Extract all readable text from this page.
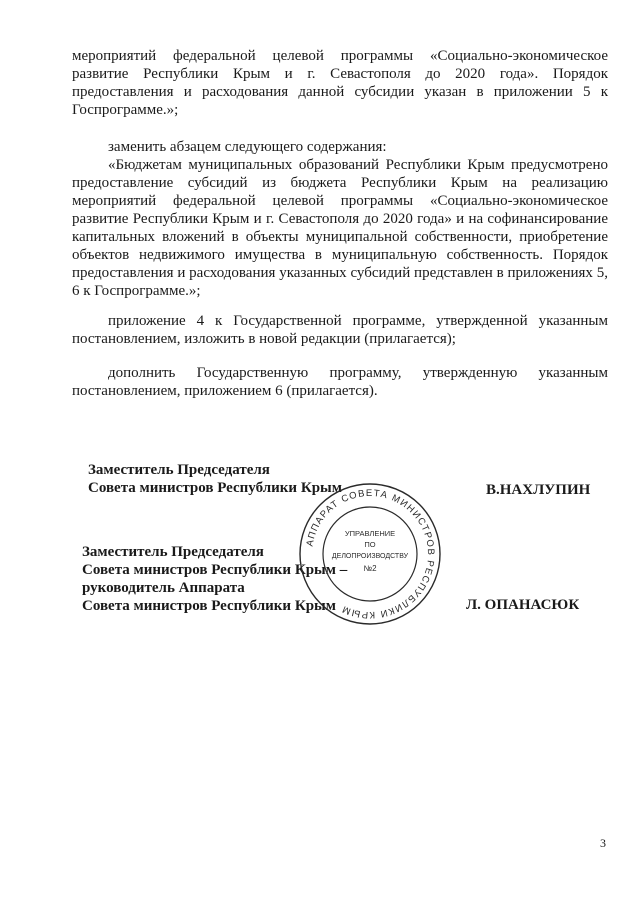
мероприятий федеральной целевой программы «Социально-экономическое развитие Республики Крым и г. Севастополя до 2020 года». Порядок предоставления и расходования данной субсидии указан в приложении 5 к Госпрограмме.»;

заменить абзацем следующего содержания:

«Бюджетам муниципальных образований Республики Крым предусмотрено предоставление субсидий из бюджета Республики Крым на реализацию мероприятий федеральной целевой программы «Социально-экономическое развитие Республики Крым и г. Севастополя до 2020 года» и на софинансирование капитальных вложений в объекты муниципальной собственности, приобретение объектов недвижимого имущества в муниципальную собственность. Порядок предоставления и расходования указанных субсидий представлен в приложениях 5, 6 к Госпрограмме.»;

приложение 4 к Государственной программе, утвержденной указанным постановлением, изложить в новой редакции (прилагается);

дополнить Государственную программу, утвержденную указанным постановлением, приложением 6 (прилагается).

Заместитель Председателя
Совета министров Республики Крым	В.НАХЛУПИН
Заместитель Председателя
Совета министров Республики Крым –
руководитель Аппарата
Совета министров Республики Крым	Л. ОПАНАСЮК
АППАРАТ СОВЕТА МИНИСТРОВ РЕСПУБЛИКИ КРЫМ
УПРАВЛЕНИЕ
ПО
ДЕЛОПРОИЗВОДСТВУ
№2
3
